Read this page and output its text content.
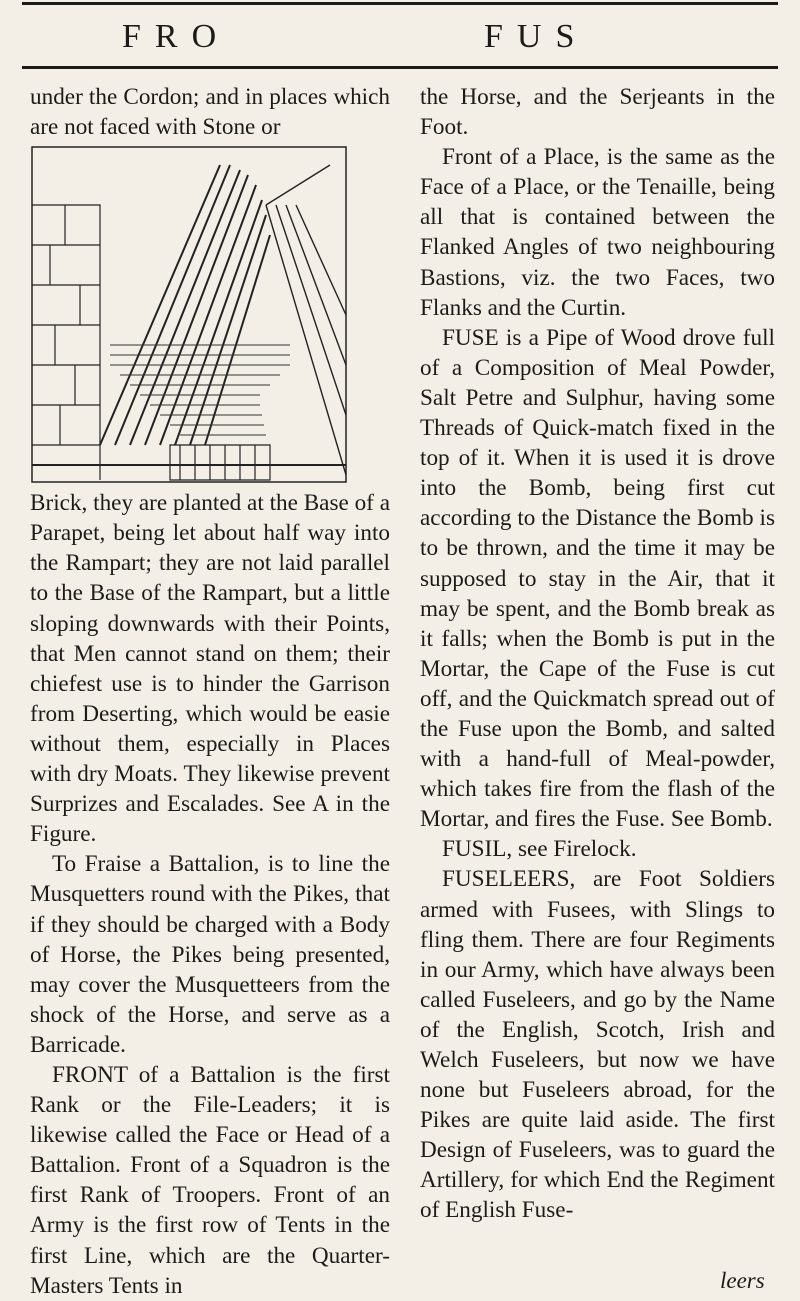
FRO	FUS

under the Cordon; and in places which are not faced with Stone or

Brick, they are planted at the Base of a Parapet, being let about half way into the Rampart; they are not laid parallel to the Base of the Rampart, but a little sloping downwards with their Points, that Men cannot stand on them; their chiefest use is to hinder the Garrison from Deserting, which would be easie without them, especially in Places with dry Moats. They likewise prevent Surprizes and Escalades. See A in the Figure.

To Fraise a Battalion, is to line the Musquetters round with the Pikes, that if they should be charged with a Body of Horse, the Pikes being presented, may cover the Musquetteers from the shock of the Horse, and serve as a Barricade.

FRONT of a Battalion is the first Rank or the File-Leaders; it is likewise called the Face or Head of a Battalion. Front of a Squadron is the first Rank of Troopers. Front of an Army is the first row of Tents in the first Line, which are the Quarter-Masters Tents in

the Horse, and the Serjeants in the Foot.

Front of a Place, is the same as the Face of a Place, or the Tenaille, being all that is contained between the Flanked Angles of two neighbouring Bastions, viz. the two Faces, two Flanks and the Curtin.

FUSE is a Pipe of Wood drove full of a Composition of Meal Powder, Salt Petre and Sulphur, having some Threads of Quick-match fixed in the top of it. When it is used it is drove into the Bomb, being first cut according to the Distance the Bomb is to be thrown, and the time it may be supposed to stay in the Air, that it may be spent, and the Bomb break as it falls; when the Bomb is put in the Mortar, the Cape of the Fuse is cut off, and the Quickmatch spread out of the Fuse upon the Bomb, and salted with a hand-full of Meal-powder, which takes fire from the flash of the Mortar, and fires the Fuse. See Bomb.

FUSIL, see Firelock.

FUSELEERS, are Foot Soldiers armed with Fusees, with Slings to fling them. There are four Regiments in our Army, which have always been called Fuseleers, and go by the Name of the English, Scotch, Irish and Welch Fuseleers, but now we have none but Fuseleers abroad, for the Pikes are quite laid aside. The first Design of Fuseleers, was to guard the Artillery, for which End the Regiment of English Fuse-

leers
